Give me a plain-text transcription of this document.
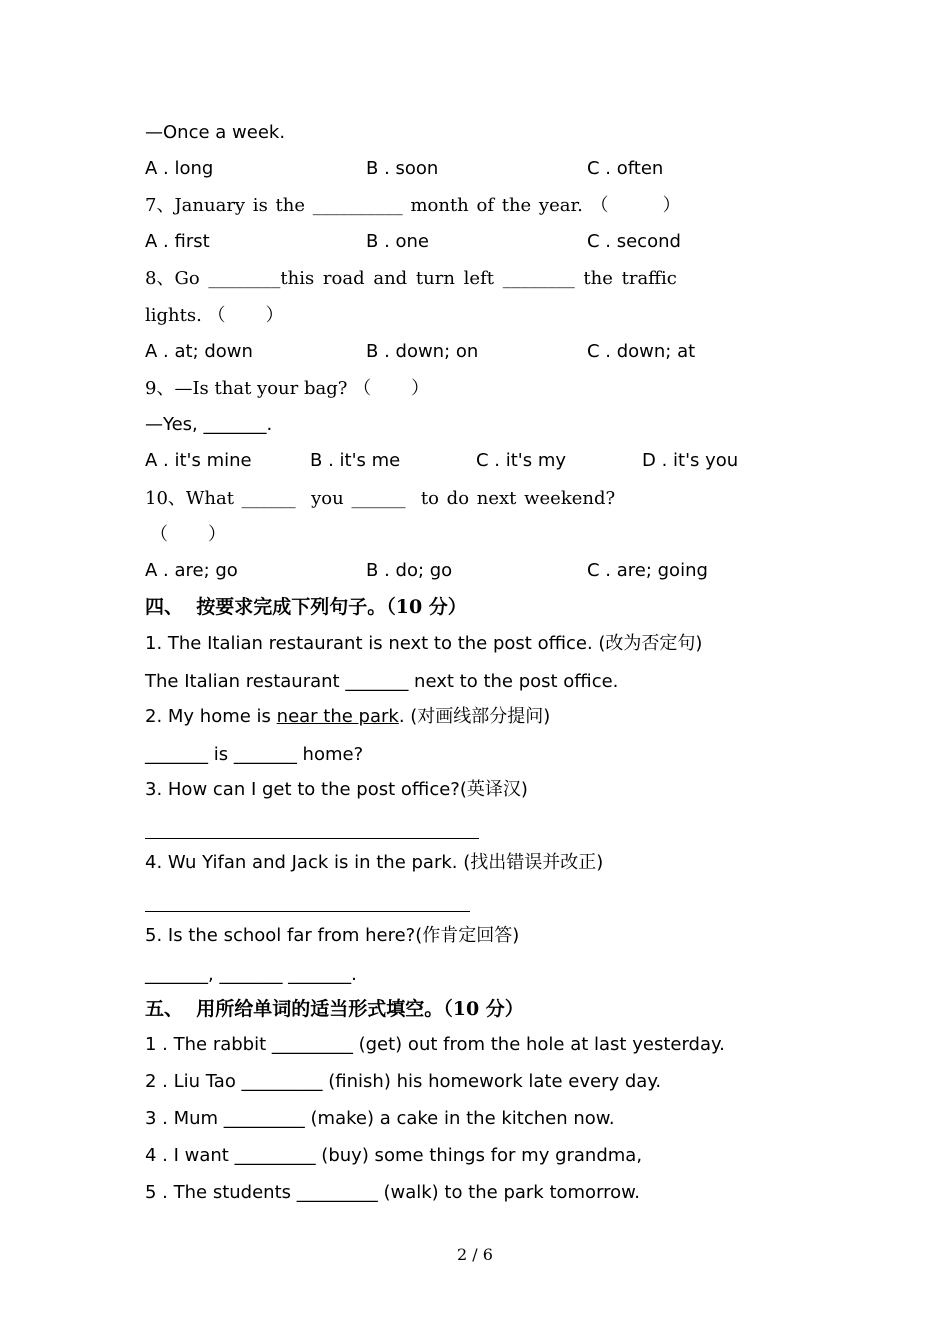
—Once a week.
A . long	B . soon	C . often
7、January is the __________ month of the year. （       ）
A . first	B . one	C . second
8、Go ________this road and turn left ________ the traffic
lights. （       ）
A . at; down	B . down; on	C . down; at
9、—Is that your bag? （       ）
—Yes, _______.
A . it's mine	B . it's me	C . it's my	D . it's you
10、What ______  you ______  to do next weekend?
（       ）
A . are; go	B . do; go	C . are; going
四、  按要求完成下列句子。（10 分）
1. The Italian restaurant is next to the post office. (改为否定句)
The Italian restaurant _______ next to the post office.
2. My home is near the park. (对画线部分提问)
_______ is _______ home?
3. How can I get to the post office?(英译汉)
4. Wu Yifan and Jack is in the park. (找出错误并改正)
5. Is the school far from here?(作肯定回答)
_______, _______ _______.
五、  用所给单词的适当形式填空。（10 分）
1 . The rabbit _________ (get) out from the hole at last yesterday.
2 . Liu Tao _________ (finish) his homework late every day.
3 . Mum _________ (make) a cake in the kitchen now.
4 . I want _________ (buy) some things for my grandma,
5 . The students _________ (walk) to the park tomorrow.
2 / 6
